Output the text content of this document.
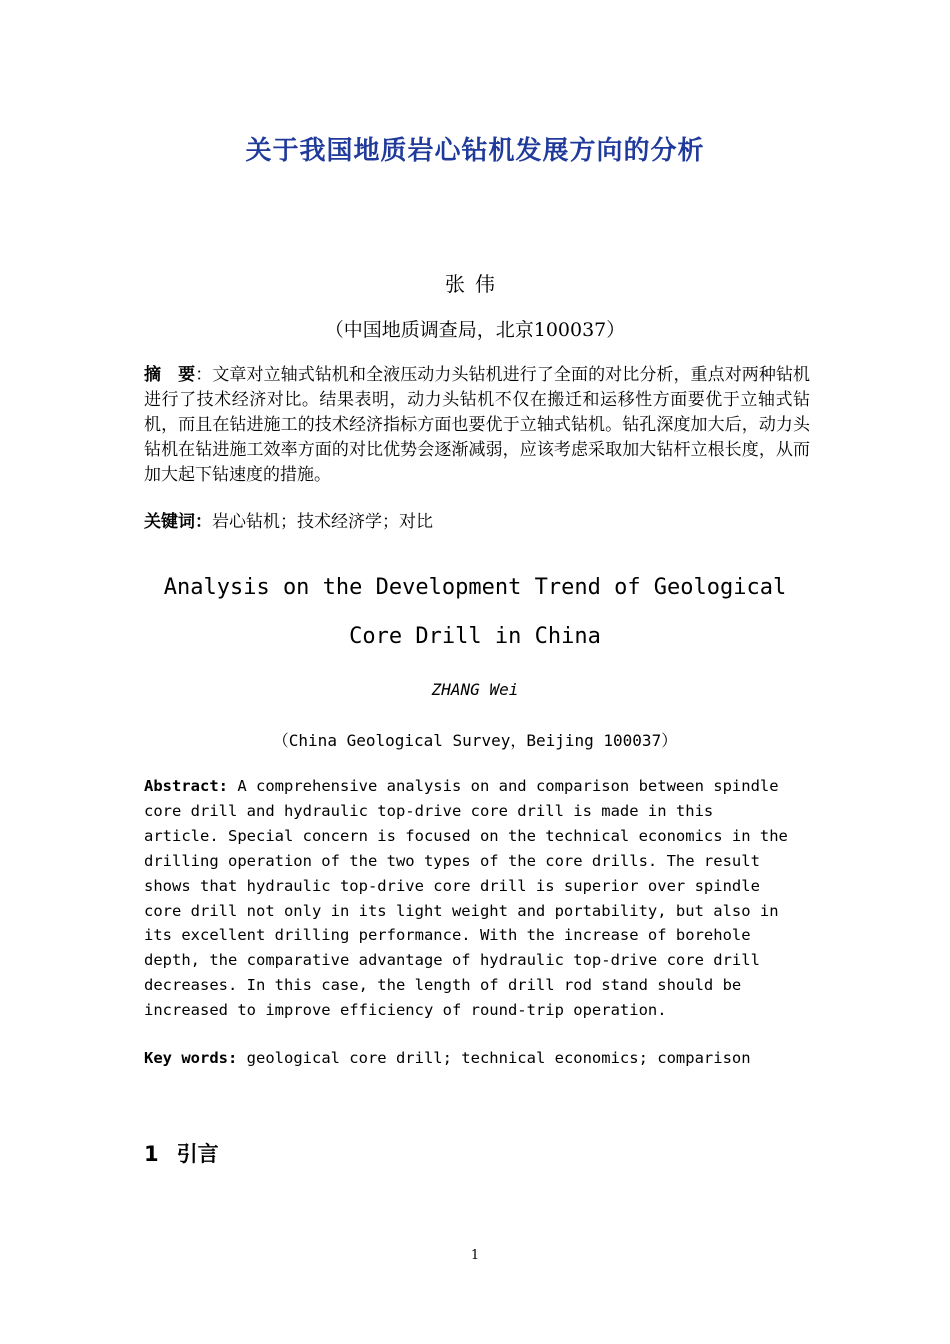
关于我国地质岩心钻机发展方向的分析
张伟
（中国地质调查局，北京100037）
摘　要：文章对立轴式钻机和全液压动力头钻机进行了全面的对比分析，重点对两种钻机进行了技术经济对比。结果表明，动力头钻机不仅在搬迁和运移性方面要优于立轴式钻机，而且在钻进施工的技术经济指标方面也要优于立轴式钻机。钻孔深度加大后，动力头钻机在钻进施工效率方面的对比优势会逐渐减弱，应该考虑采取加大钻杆立根长度，从而加大起下钻速度的措施。
关键词：岩心钻机；技术经济学；对比
Analysis on the Development Trend of Geological
Core Drill in China
ZHANG Wei
（China Geological Survey，Beijing 100037）
Abstract: A comprehensive analysis on and comparison between spindle
core drill and hydraulic top-drive core drill is made in this
article. Special concern is focused on the technical economics in the
drilling operation of the two types of the core drills. The result
shows that hydraulic top-drive core drill is superior over spindle
core drill not only in its light weight and portability, but also in
its excellent drilling performance. With the increase of borehole
depth, the comparative advantage of hydraulic top-drive core drill
decreases. In this case, the length of drill rod stand should be
increased to improve efficiency of round-trip operation.
Key words: geological core drill; technical economics; comparison
1 引言
1
